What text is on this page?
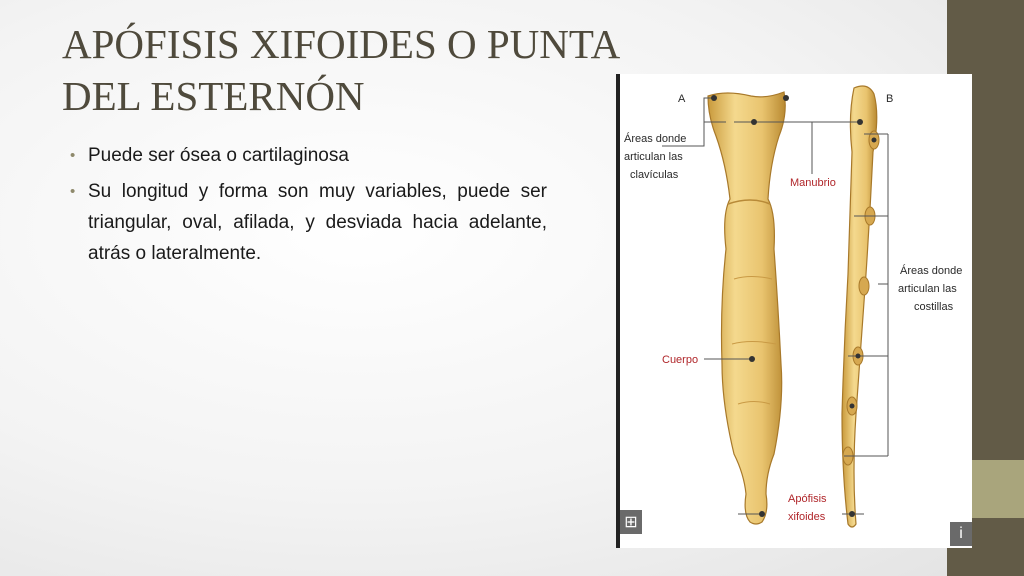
APÓFISIS XIFOIDES O PUNTA DEL ESTERNÓN
• Puede ser ósea o cartilaginosa
• Su longitud y forma son muy variables, puede ser triangular, oval, afilada, y desviada hacia adelante, atrás o lateralmente.
A	B
Áreas donde
articulan las
clavículas
Manubrio
Áreas donde
articulan las
costillas
Cuerpo
Apófisis
xifoides
⊞
i
